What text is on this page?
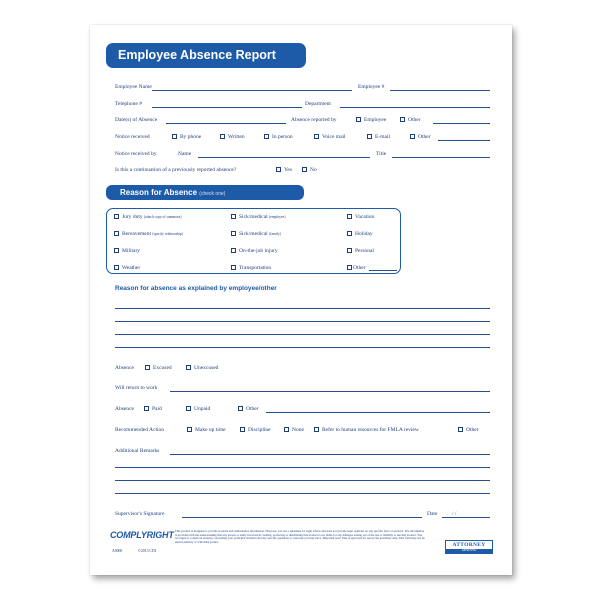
Employee Absence Report
Employee Name	Employee #
Telephone #	Department
Date(s) of Absence	Absence reported by	Employee	Other
Notice received	By phone	Written	In person	Voice mail	E-mail	Other
Notice received by	Name	Title
Is this a continuation of a previously reported absence?	Yes	No
Reason for Absence (check one)
Jury duty (attach copy of summons)	Sick/medical (employee)	Vacation
Bereavement (specify relationship)	Sick/medical (family)	Holiday
Military	On-the-job injury	Personal
Weather	Transportation	Other
Reason for absence as explained by employee/other
Absence	Excused	Unexcused
Will return to work
Absence	Paid	Unpaid	Other
Recommended Action	Make up time	Discipline	None	Refer to human resources for FMLA review	Other
Additional Remarks
Supervisor's Signature	Date	/ /
COMPLYRIGHT
A0000	©2013 CDI
This product is designed to provide accurate and authoritative information. However, it is not a substitute for legal advice and does not provide legal opinions on any specific facts or services. The information is provided with the understanding that any person or entity involved in creating, producing or distributing this product is not liable for any damages arising out of the use or inability to use this product. You are urged to consult an attorney concerning your particular situation and any specific questions or concerns you may have. Important note: This is approved for use by the purchaser only. This form may not be shared publicly or with third parties.
ATTORNEY
APPROVED
